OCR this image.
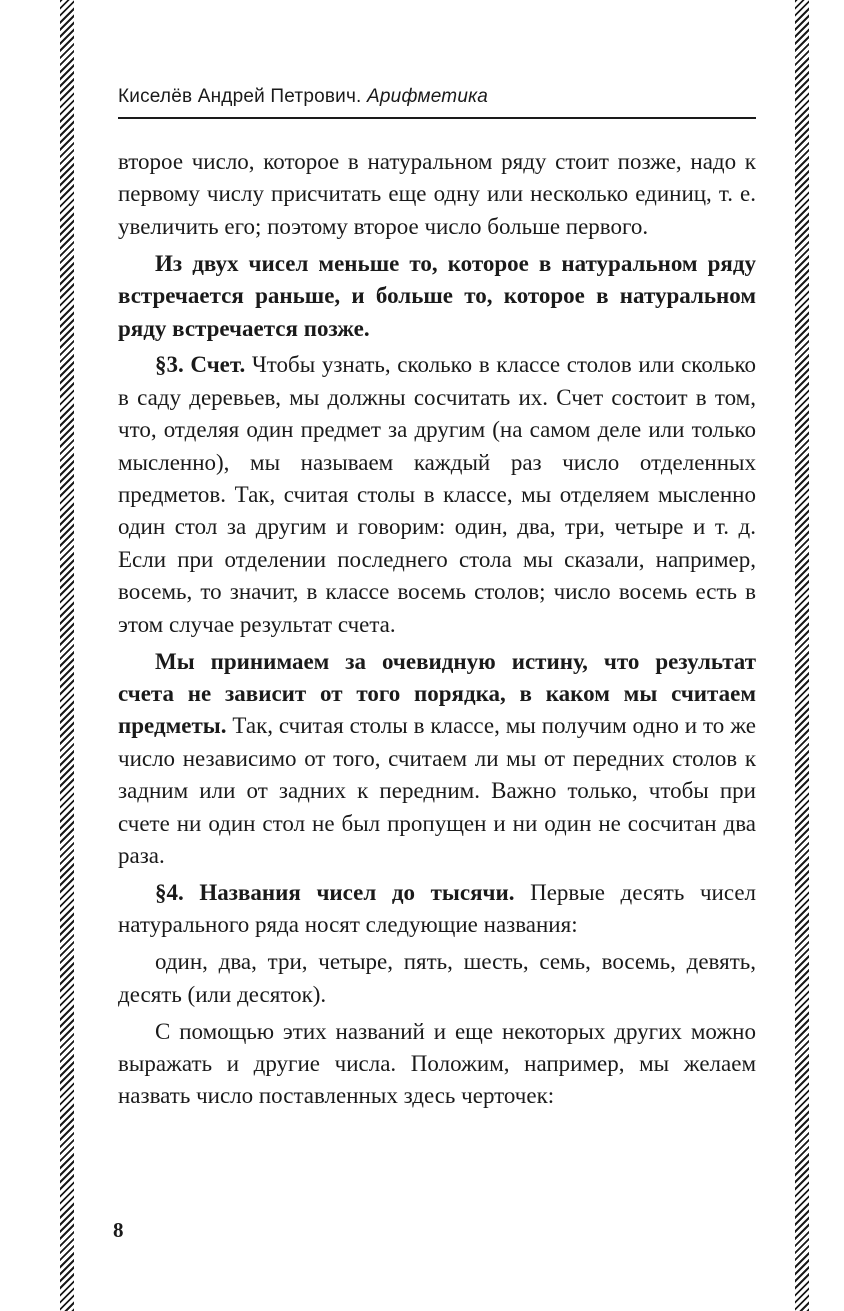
Киселёв Андрей Петрович. Арифметика

второе число, которое в натуральном ряду стоит позже, надо к первому числу присчитать еще одну или несколько единиц, т. е. увеличить его; поэтому второе число больше первого.

Из двух чисел меньше то, которое в натуральном ряду встречается раньше, и больше то, которое в натуральном ряду встречается позже.

§3. Счет. Чтобы узнать, сколько в классе столов или сколько в саду деревьев, мы должны сосчитать их. Счет состоит в том, что, отделяя один предмет за другим (на самом деле или только мысленно), мы называем каждый раз число отделенных предметов. Так, считая столы в классе, мы отделяем мысленно один стол за другим и говорим: один, два, три, четыре и т. д. Если при отделении последнего стола мы сказали, например, восемь, то значит, в классе восемь столов; число восемь есть в этом случае результат счета.

Мы принимаем за очевидную истину, что результат счета не зависит от того порядка, в каком мы считаем предметы. Так, считая столы в классе, мы получим одно и то же число независимо от того, считаем ли мы от передних столов к задним или от задних к передним. Важно только, чтобы при счете ни один стол не был пропущен и ни один не сосчитан два раза.

§4. Названия чисел до тысячи. Первые десять чисел натурального ряда носят следующие названия:

один, два, три, четыре, пять, шесть, семь, восемь, девять, десять (или десяток).

С помощью этих названий и еще некоторых других можно выражать и другие числа. Положим, например, мы желаем назвать число поставленных здесь черточек:

8
